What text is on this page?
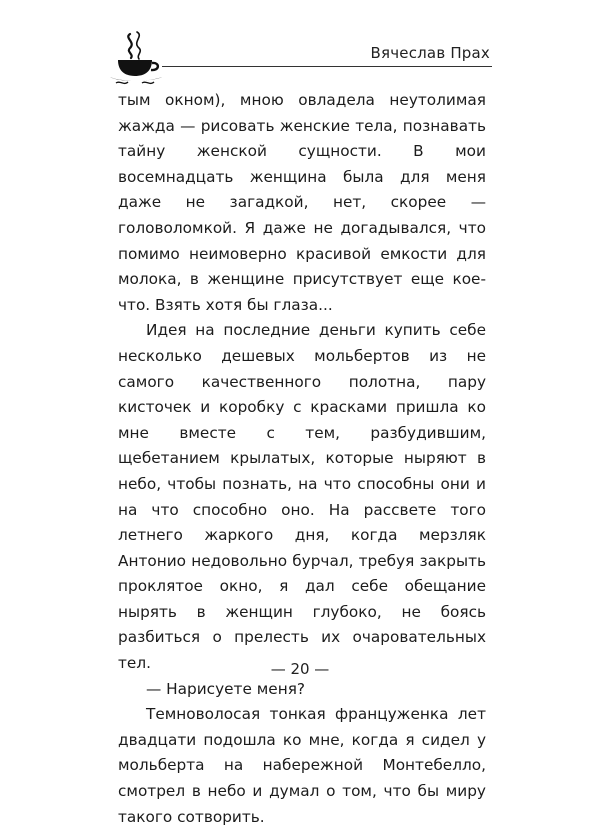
Вячеслав Прах

тым окном), мною овладела неутолимая жажда — рисовать женские тела, познавать тайну женской сущности. В мои восемнадцать женщина была для меня даже не загадкой, нет, скорее — головоломкой. Я даже не догадывался, что помимо неимоверно красивой емкости для молока, в женщине присутствует еще кое-что. Взять хотя бы глаза...

Идея на последние деньги купить себе несколько дешевых мольбертов из не самого качественного полотна, пару кисточек и коробку с красками пришла ко мне вместе с тем, разбудившим, щебетанием крылатых, которые ныряют в небо, чтобы познать, на что способны они и на что способно оно. На рассвете того летнего жаркого дня, когда мерзляк Антонио недовольно бурчал, требуя закрыть проклятое окно, я дал себе обещание нырять в женщин глубоко, не боясь разбиться о прелесть их очаровательных тел.

— Нарисуете меня?

Темноволосая тонкая француженка лет двадцати подошла ко мне, когда я сидел у мольберта на набережной Монтебелло, смотрел в небо и думал о том, что бы миру такого сотворить.

— 20 —
